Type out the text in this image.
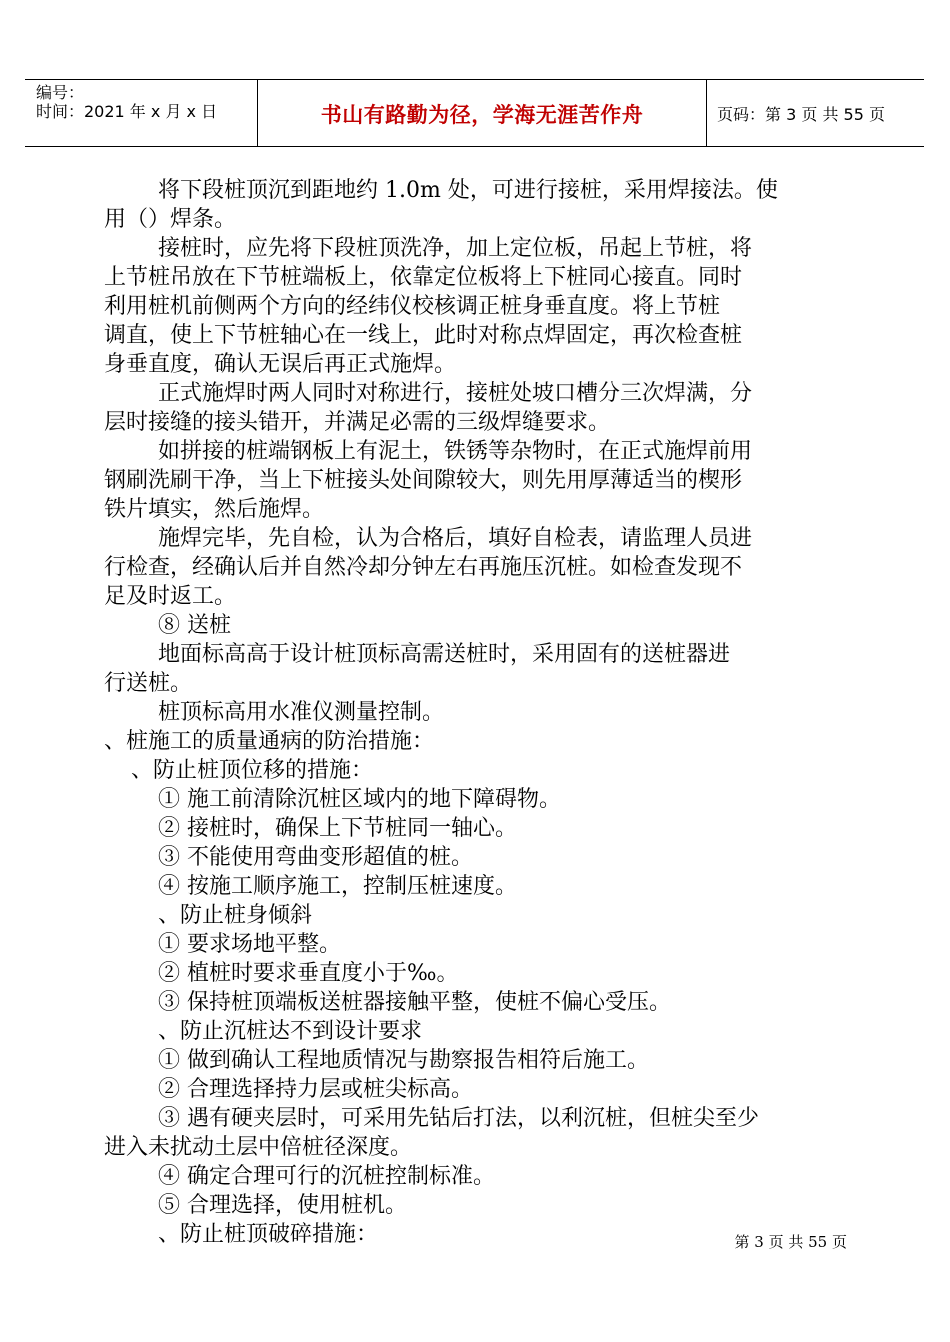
编号：
时间：2021 年 x 月 x 日	书山有路勤为径，学海无涯苦作舟	页码：第 3 页 共 55 页

将下段桩顶沉到距地约 1.0m 处，可进行接桩，采用焊接法。使

用（）焊条。

接桩时，应先将下段桩顶洗净，加上定位板，吊起上节桩，将

上节桩吊放在下节桩端板上，依靠定位板将上下桩同心接直。同时

利用桩机前侧两个方向的经纬仪校核调正桩身垂直度。将上节桩

调直，使上下节桩轴心在一线上，此时对称点焊固定，再次检查桩

身垂直度，确认无误后再正式施焊。

正式施焊时两人同时对称进行，接桩处坡口槽分三次焊满，分

层时接缝的接头错开，并满足必需的三级焊缝要求。

如拼接的桩端钢板上有泥土，铁锈等杂物时，在正式施焊前用

钢刷洗刷干净，当上下桩接头处间隙较大，则先用厚薄适当的楔形

铁片填实，然后施焊。

施焊完毕，先自检，认为合格后，填好自检表，请监理人员进

行检查，经确认后并自然冷却分钟左右再施压沉桩。如检查发现不

足及时返工。

⑧ 送桩

地面标高高于设计桩顶标高需送桩时，采用固有的送桩器进

行送桩。

桩顶标高用水准仪测量控制。

、桩施工的质量通病的防治措施：

、防止桩顶位移的措施：

① 施工前清除沉桩区域内的地下障碍物。

② 接桩时，确保上下节桩同一轴心。

③ 不能使用弯曲变形超值的桩。

④ 按施工顺序施工，控制压桩速度。

、防止桩身倾斜

① 要求场地平整。

② 植桩时要求垂直度小于‰。

③ 保持桩顶端板送桩器接触平整，使桩不偏心受压。

、防止沉桩达不到设计要求

① 做到确认工程地质情况与勘察报告相符后施工。

② 合理选择持力层或桩尖标高。

③ 遇有硬夹层时，可采用先钻后打法，以利沉桩，但桩尖至少

进入未扰动土层中倍桩径深度。

④ 确定合理可行的沉桩控制标准。

⑤ 合理选择，使用桩机。

、防止桩顶破碎措施：	第 3 页 共 55 页
